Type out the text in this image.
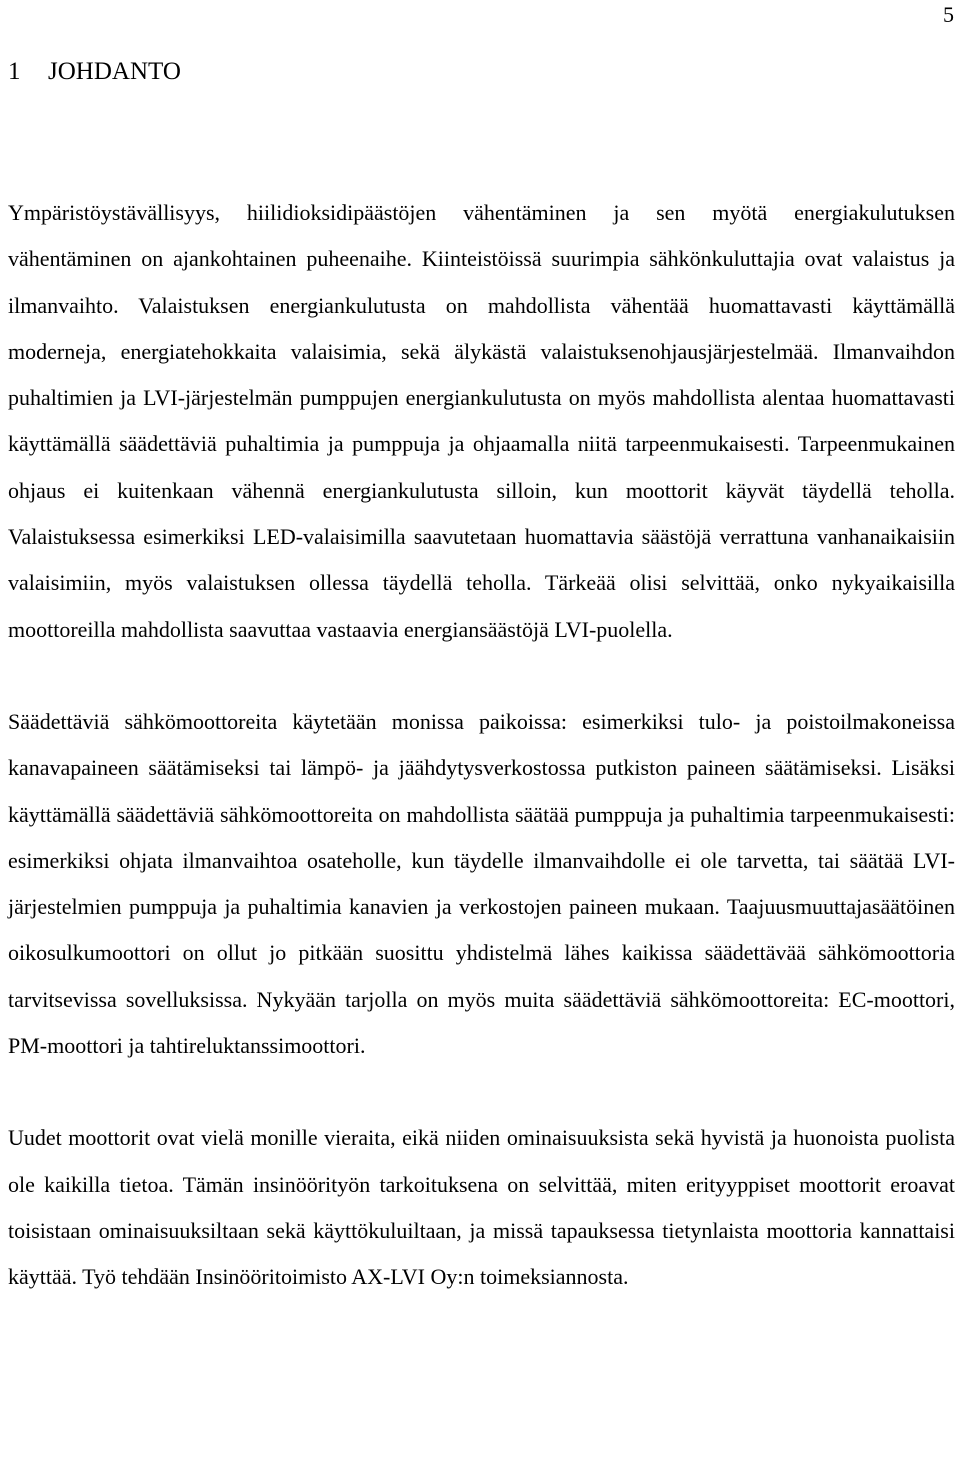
5
1 JOHDANTO

Ympäristöystävällisyys, hiilidioksidipäästöjen vähentäminen ja sen myötä energiakulutuksen vähentäminen on ajankohtainen puheenaihe. Kiinteistöissä suurimpia sähkönkuluttajia ovat valaistus ja ilmanvaihto. Valaistuksen energiankulutusta on mahdollista vähentää huomattavasti käyttämällä moderneja, energiatehokkaita valaisimia, sekä älykästä valaistuksenohjausjärjestelmää. Ilmanvaihdon puhaltimien ja LVI-järjestelmän pumppujen energiankulutusta on myös mahdollista alentaa huomattavasti käyttämällä säädettäviä puhaltimia ja pumppuja ja ohjaamalla niitä tarpeenmukaisesti. Tarpeenmukainen ohjaus ei kuitenkaan vähennä energiankulutusta silloin, kun moottorit käyvät täydellä teholla. Valaistuksessa esimerkiksi LED-valaisimilla saavutetaan huomattavia säästöjä verrattuna vanhanaikaisiin valaisimiin, myös valaistuksen ollessa täydellä teholla. Tärkeää olisi selvittää, onko nykyaikaisilla moottoreilla mahdollista saavuttaa vastaavia energiansäästöjä LVI-puolella.

Säädettäviä sähkömoottoreita käytetään monissa paikoissa: esimerkiksi tulo- ja poistoilmakoneissa kanavapaineen säätämiseksi tai lämpö- ja jäähdytysverkostossa putkiston paineen säätämiseksi. Lisäksi käyttämällä säädettäviä sähkömoottoreita on mahdollista säätää pumppuja ja puhaltimia tarpeenmukaisesti: esimerkiksi ohjata ilmanvaihtoa osateholle, kun täydelle ilmanvaihdolle ei ole tarvetta, tai säätää LVI-järjestelmien pumppuja ja puhaltimia kanavien ja verkostojen paineen mukaan. Taajuusmuuttajasäätöinen oikosulkumoottori on ollut jo pitkään suosittu yhdistelmä lähes kaikissa säädettävää sähkömoottoria tarvitsevissa sovelluksissa. Nykyään tarjolla on myös muita säädettäviä sähkömoottoreita: EC-moottori, PM-moottori ja tahtireluktanssimoottori.

Uudet moottorit ovat vielä monille vieraita, eikä niiden ominaisuuksista sekä hyvistä ja huonoista puolista ole kaikilla tietoa. Tämän insinöörityön tarkoituksena on selvittää, miten erityyppiset moottorit eroavat toisistaan ominaisuuksiltaan sekä käyttökuluiltaan, ja missä tapauksessa tietynlaista moottoria kannattaisi käyttää. Työ tehdään Insinööritoimisto AX-LVI Oy:n toimeksiannosta.
